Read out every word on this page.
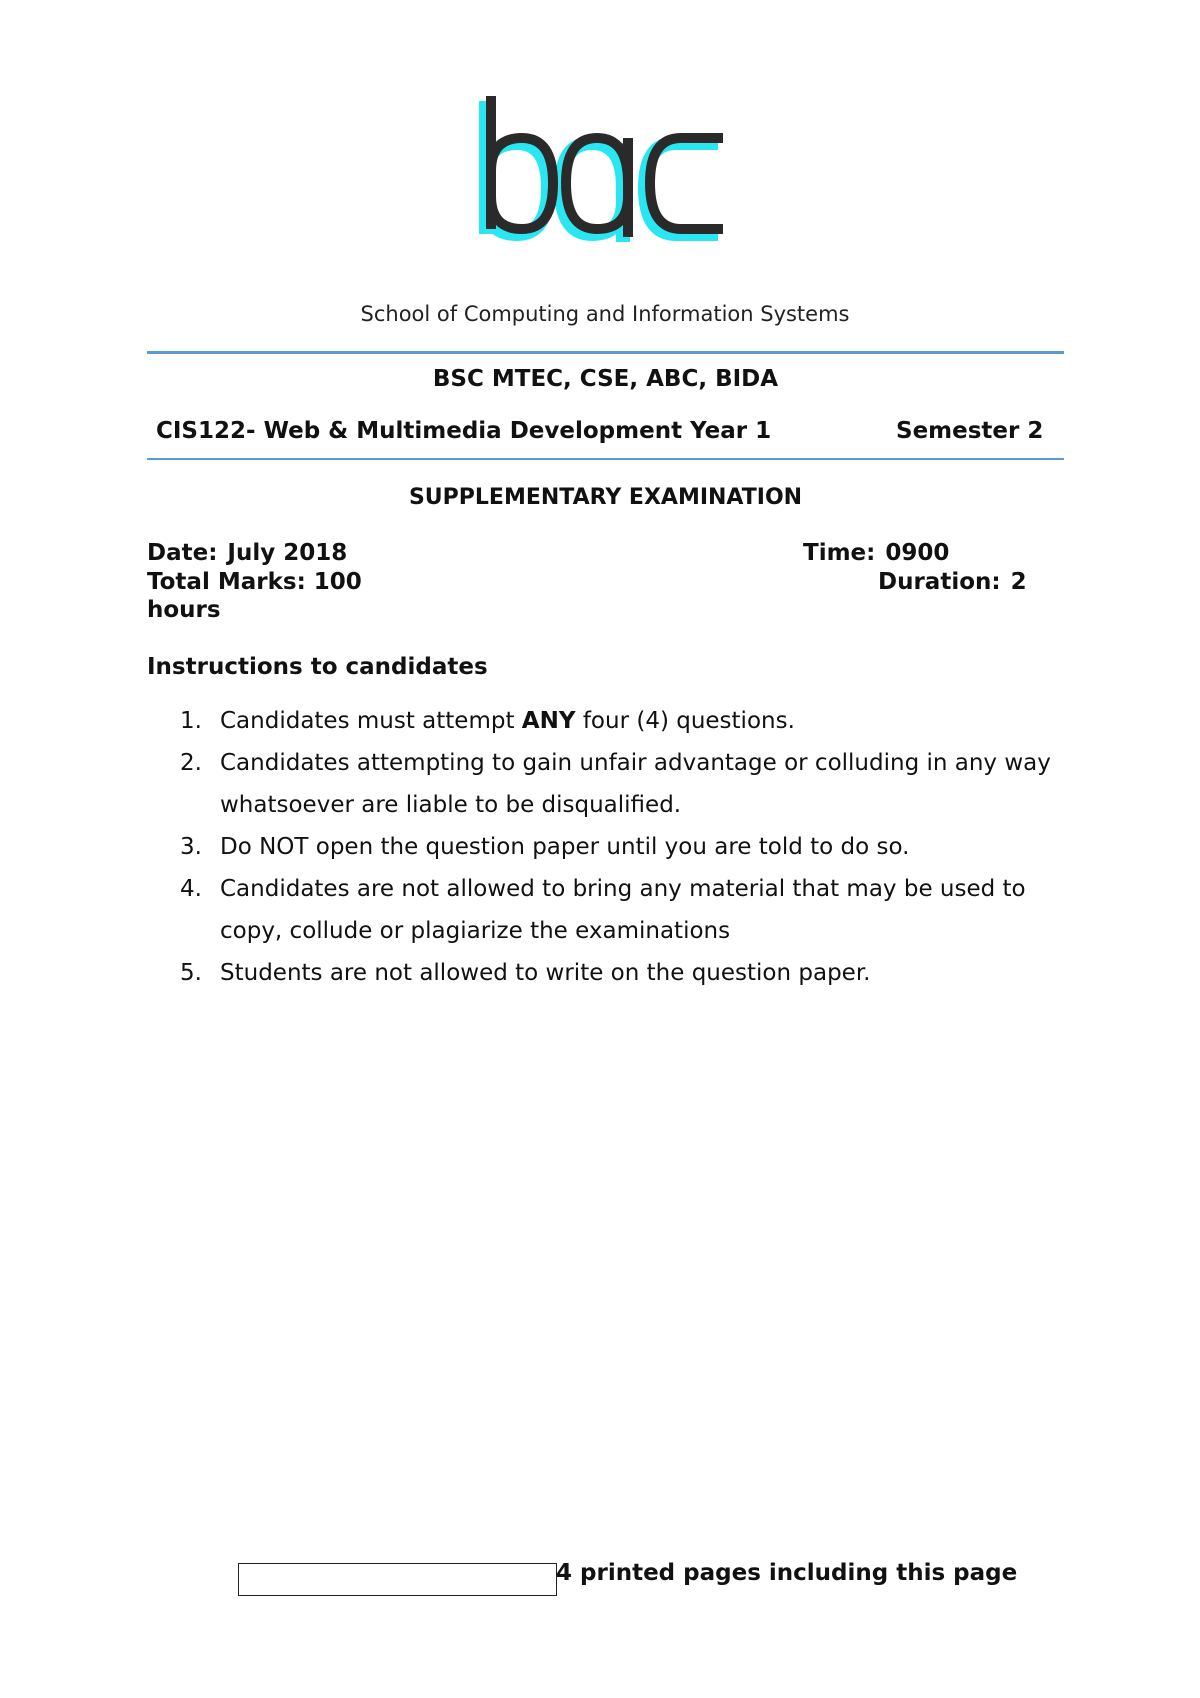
School of Computing and Information Systems
BSC MTEC, CSE, ABC, BIDA
CIS122- Web & Multimedia Development Year 1	Semester 2
SUPPLEMENTARY EXAMINATION
Date: July 2018	Time: 0900
Total Marks: 100	Duration: 2
hours
Instructions to candidates
1. Candidates must attempt ANY four (4) questions.
2. Candidates attempting to gain unfair advantage or colluding in any way whatsoever are liable to be disqualified.
3. Do NOT open the question paper until you are told to do so.
4. Candidates are not allowed to bring any material that may be used to copy, collude or plagiarize the examinations
5. Students are not allowed to write on the question paper.
4 printed pages including this page
